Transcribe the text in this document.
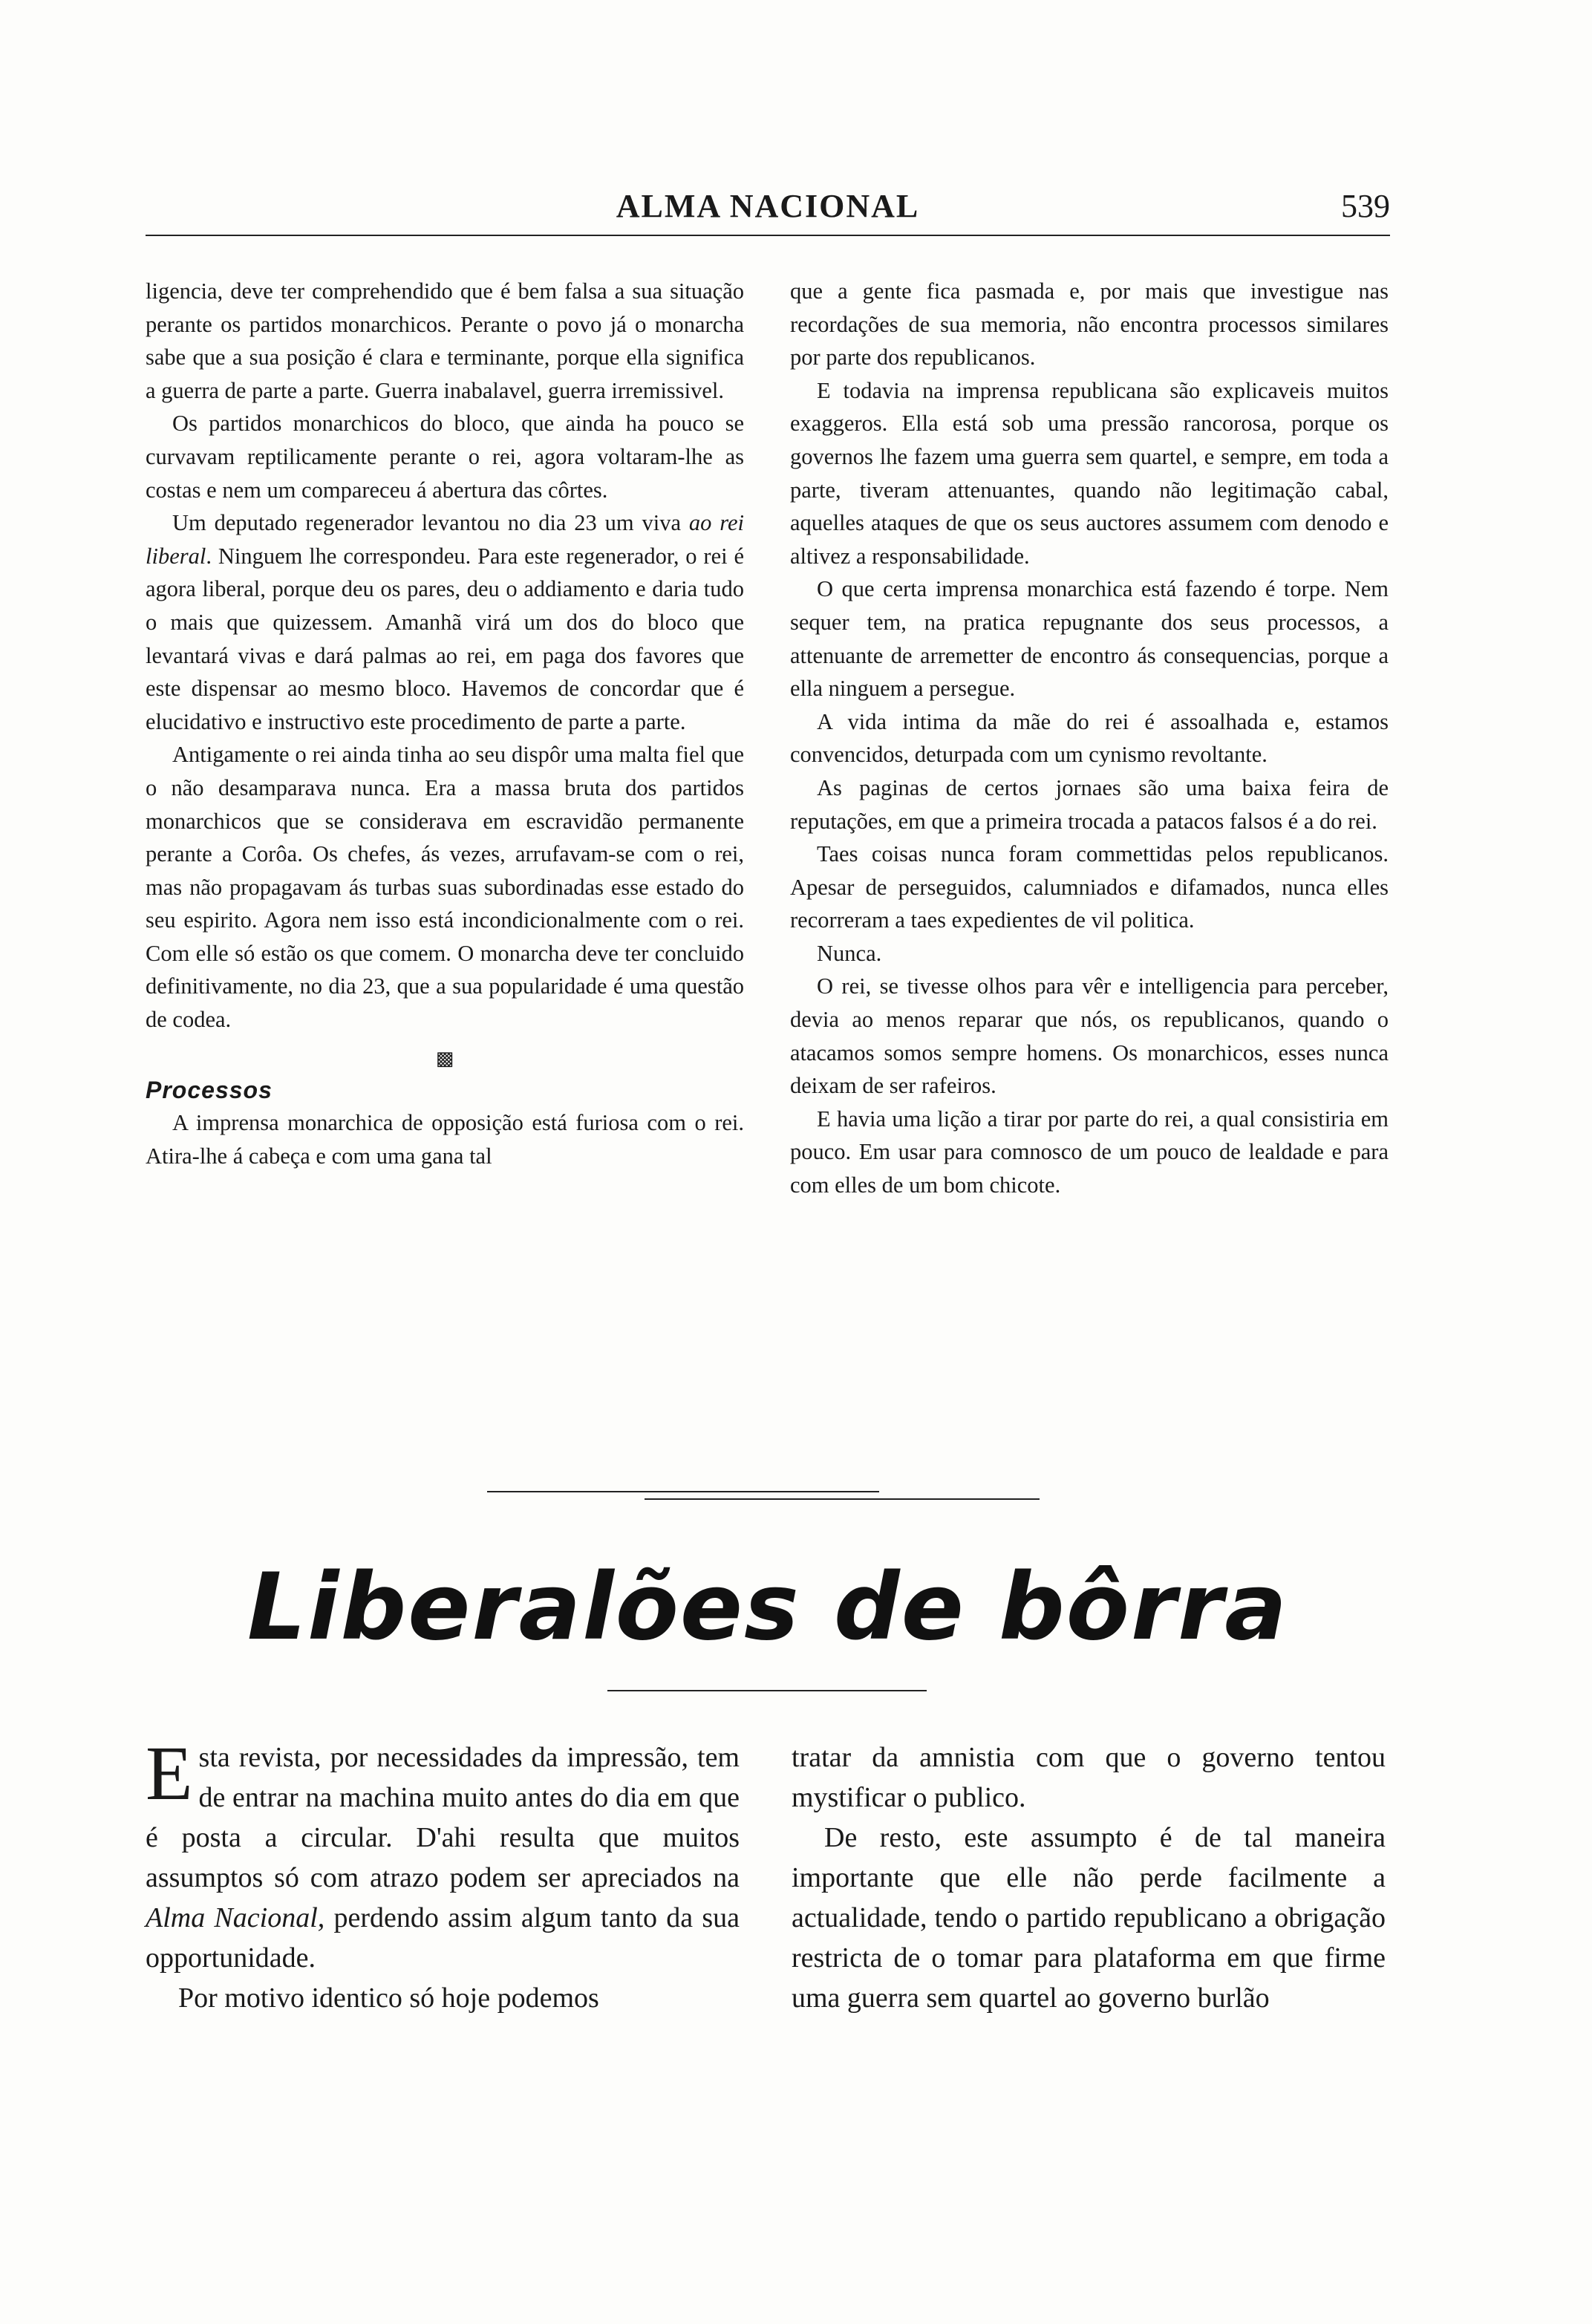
ALMA NACIONAL	539

ligencia, deve ter comprehendido que é bem falsa a sua situação perante os partidos monarchicos. Perante o povo já o monarcha sabe que a sua posição é clara e terminante, porque ella significa a guerra de parte a parte. Guerra inabalavel, guerra irremissivel.

Os partidos monarchicos do bloco, que ainda ha pouco se curvavam reptilicamente perante o rei, agora voltaram-lhe as costas e nem um compareceu á abertura das côrtes.

Um deputado regenerador levantou no dia 23 um viva ao rei liberal. Ninguem lhe correspondeu. Para este regenerador, o rei é agora liberal, porque deu os pares, deu o addiamento e daria tudo o mais que quizessem. Amanhã virá um dos do bloco que levantará vivas e dará palmas ao rei, em paga dos favores que este dispensar ao mesmo bloco. Havemos de concordar que é elucidativo e instructivo este procedimento de parte a parte.

Antigamente o rei ainda tinha ao seu dispôr uma malta fiel que o não desamparava nunca. Era a massa bruta dos partidos monarchicos que se considerava em escravidão permanente perante a Corôa. Os chefes, ás vezes, arrufavam-se com o rei, mas não propagavam ás turbas suas subordinadas esse estado do seu espirito. Agora nem isso está incondicionalmente com o rei. Com elle só estão os que comem. O monarcha deve ter concluido definitivamente, no dia 23, que a sua popularidade é uma questão de codea.

▩

Processos

A imprensa monarchica de opposição está furiosa com o rei. Atira-lhe á cabeça e com uma gana tal

que a gente fica pasmada e, por mais que investigue nas recordações de sua memoria, não encontra processos similares por parte dos republicanos.

E todavia na imprensa republicana são explicaveis muitos exaggeros. Ella está sob uma pressão rancorosa, porque os governos lhe fazem uma guerra sem quartel, e sempre, em toda a parte, tiveram attenuantes, quando não legitimação cabal, aquelles ataques de que os seus auctores assumem com denodo e altivez a responsabilidade.

O que certa imprensa monarchica está fazendo é torpe. Nem sequer tem, na pratica repugnante dos seus processos, a attenuante de arremetter de encontro ás consequencias, porque a ella ninguem a persegue.

A vida intima da mãe do rei é assoalhada e, estamos convencidos, deturpada com um cynismo revoltante.

As paginas de certos jornaes são uma baixa feira de reputações, em que a primeira trocada a patacos falsos é a do rei.

Taes coisas nunca foram commettidas pelos republicanos. Apesar de perseguidos, calumniados e difamados, nunca elles recorreram a taes expedientes de vil politica.

Nunca.

O rei, se tivesse olhos para vêr e intelligencia para perceber, devia ao menos reparar que nós, os republicanos, quando o atacamos somos sempre homens. Os monarchicos, esses nunca deixam de ser rafeiros.

E havia uma lição a tirar por parte do rei, a qual consistiria em pouco. Em usar para comnosco de um pouco de lealdade e para com elles de um bom chicote.

Liberalões de bôrra

Esta revista, por necessidades da impressão, tem de entrar na machina muito antes do dia em que é posta a circular. D'ahi resulta que muitos assumptos só com atrazo podem ser apreciados na Alma Nacional, perdendo assim algum tanto da sua opportunidade.

Por motivo identico só hoje podemos

tratar da amnistia com que o governo tentou mystificar o publico.

De resto, este assumpto é de tal maneira importante que elle não perde facilmente a actualidade, tendo o partido republicano a obrigação restricta de o tomar para plataforma em que firme uma guerra sem quartel ao governo burlão
